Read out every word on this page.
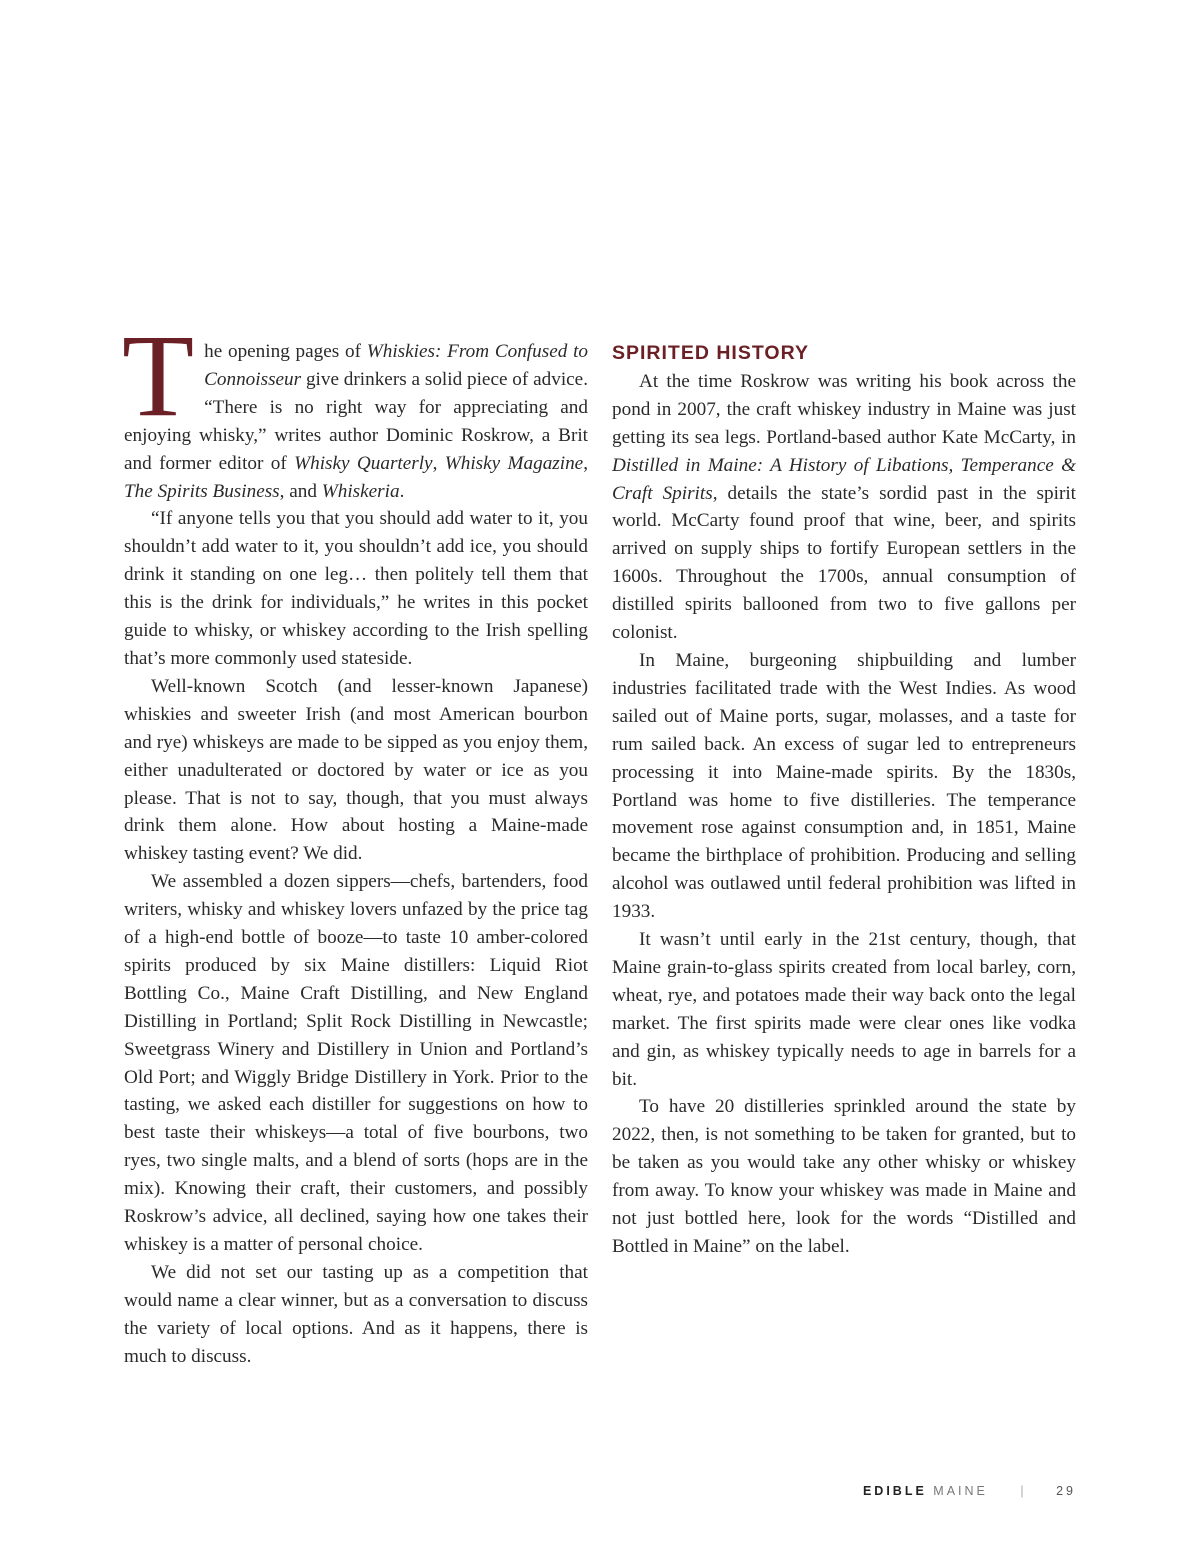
The opening pages of Whiskies: From Confused to Connoisseur give drinkers a solid piece of advice. “There is no right way for appreciating and enjoying whisky,” writes author Dominic Roskrow, a Brit and former editor of Whisky Quarterly, Whisky Magazine, The Spirits Business, and Whiskeria.

“If anyone tells you that you should add water to it, you shouldn’t add water to it, you shouldn’t add ice, you should drink it standing on one leg… then politely tell them that this is the drink for individuals,” he writes in this pocket guide to whisky, or whiskey according to the Irish spelling that’s more commonly used stateside.

Well-known Scotch (and lesser-known Japanese) whiskies and sweeter Irish (and most American bourbon and rye) whiskeys are made to be sipped as you enjoy them, either unadulterated or doctored by water or ice as you please. That is not to say, though, that you must always drink them alone. How about hosting a Maine-made whiskey tasting event? We did.

We assembled a dozen sippers—chefs, bartenders, food writers, whisky and whiskey lovers unfazed by the price tag of a high-end bottle of booze—to taste 10 amber-colored spirits produced by six Maine distillers: Liquid Riot Bottling Co., Maine Craft Distilling, and New England Distilling in Portland; Split Rock Distilling in Newcastle; Sweetgrass Winery and Distillery in Union and Portland’s Old Port; and Wiggly Bridge Distillery in York. Prior to the tasting, we asked each distiller for suggestions on how to best taste their whiskeys—a total of five bourbons, two ryes, two single malts, and a blend of sorts (hops are in the mix). Knowing their craft, their customers, and possibly Roskrow’s advice, all declined, saying how one takes their whiskey is a matter of personal choice.

We did not set our tasting up as a competition that would name a clear winner, but as a conversation to discuss the variety of local options. And as it happens, there is much to discuss.

SPIRITED HISTORY

At the time Roskrow was writing his book across the pond in 2007, the craft whiskey industry in Maine was just getting its sea legs. Portland-based author Kate McCarty, in Distilled in Maine: A History of Libations, Temperance & Craft Spirits, details the state’s sordid past in the spirit world. McCarty found proof that wine, beer, and spirits arrived on supply ships to fortify European settlers in the 1600s. Throughout the 1700s, annual consumption of distilled spirits ballooned from two to five gallons per colonist.

In Maine, burgeoning shipbuilding and lumber industries facilitated trade with the West Indies. As wood sailed out of Maine ports, sugar, molasses, and a taste for rum sailed back. An excess of sugar led to entrepreneurs processing it into Maine-made spirits. By the 1830s, Portland was home to five distilleries. The temperance movement rose against consumption and, in 1851, Maine became the birthplace of prohibition. Producing and selling alcohol was outlawed until federal prohibition was lifted in 1933.

It wasn’t until early in the 21st century, though, that Maine grain-to-glass spirits created from local barley, corn, wheat, rye, and potatoes made their way back onto the legal market. The first spirits made were clear ones like vodka and gin, as whiskey typically needs to age in barrels for a bit.

To have 20 distilleries sprinkled around the state by 2022, then, is not something to be taken for granted, but to be taken as you would take any other whisky or whiskey from away. To know your whiskey was made in Maine and not just bottled here, look for the words “Distilled and Bottled in Maine” on the label.

EDIBLE MAINE	|	29
